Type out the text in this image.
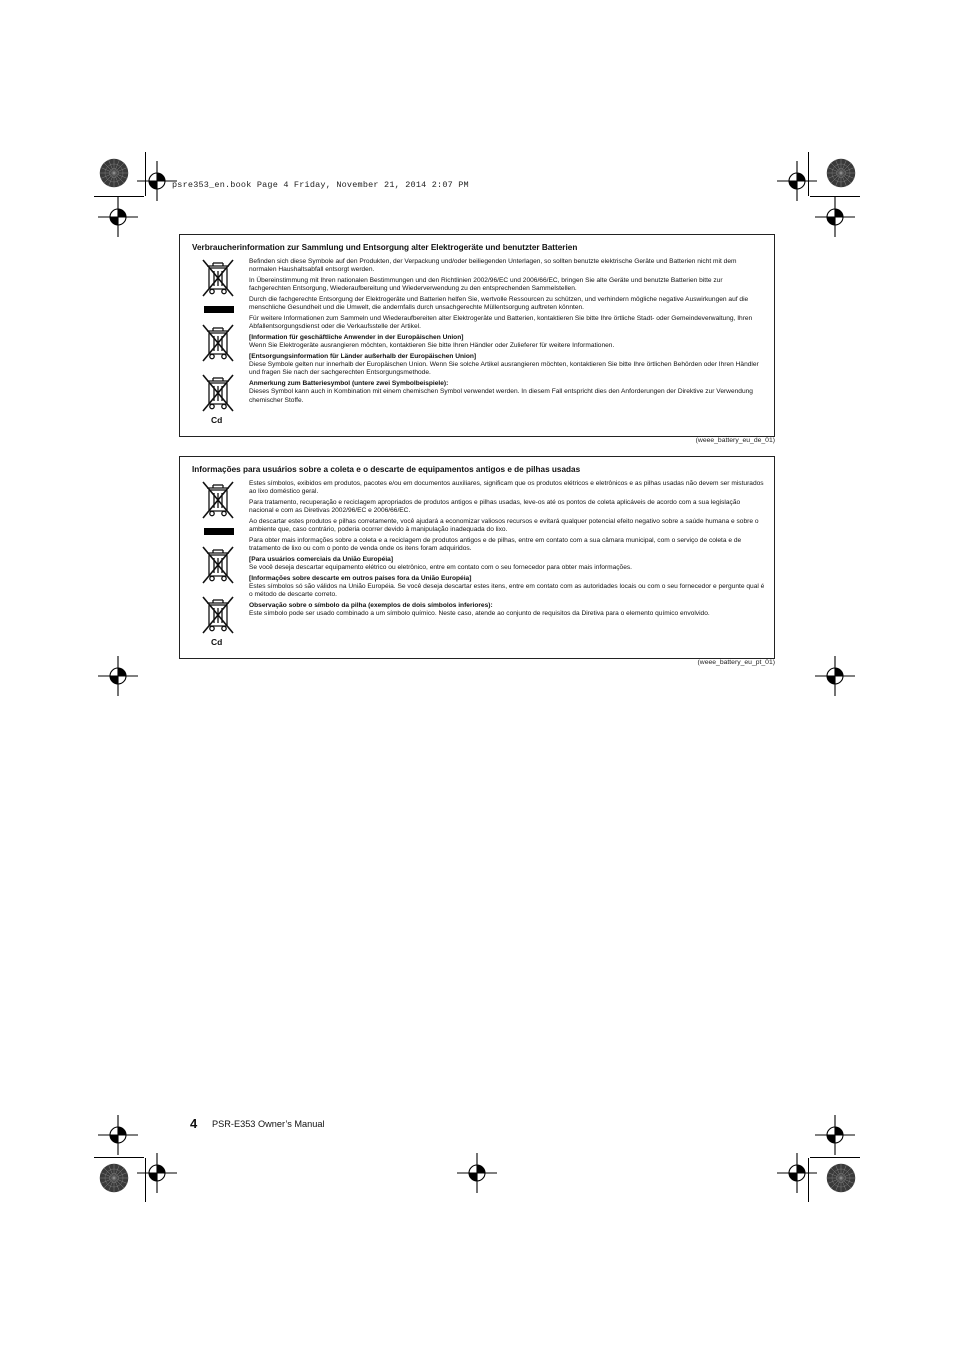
psre353_en.book Page 4 Friday, November 21, 2014 2:07 PM
Verbraucherinformation zur Sammlung und Entsorgung alter Elektrogeräte und benutzter Batterien
Cd

Befinden sich diese Symbole auf den Produkten, der Verpackung und/oder beiliegenden Unterlagen, so sollten benutzte elektrische Geräte und Batterien nicht mit dem normalen Haushaltsabfall entsorgt werden.

In Übereinstimmung mit Ihren nationalen Bestimmungen und den Richtlinien 2002/96/EC und 2006/66/EC, bringen Sie alte Geräte und benutzte Batterien bitte zur fachgerechten Entsorgung, Wiederaufbereitung und Wiederverwendung zu den entsprechenden Sammelstellen.

Durch die fachgerechte Entsorgung der Elektrogeräte und Batterien helfen Sie, wertvolle Ressourcen zu schützen, und verhindern mögliche negative Auswirkungen auf die menschliche Gesundheit und die Umwelt, die andernfalls durch unsachgerechte Müllentsorgung auftreten könnten.

Für weitere Informationen zum Sammeln und Wiederaufbereiten alter Elektrogeräte und Batterien, kontaktieren Sie bitte Ihre örtliche Stadt- oder Gemeindeverwaltung, Ihren Abfallentsorgungsdienst oder die Verkaufsstelle der Artikel.

[Information für geschäftliche Anwender in der Europäischen Union]

Wenn Sie Elektrogeräte ausrangieren möchten, kontaktieren Sie bitte Ihren Händler oder Zulieferer für weitere Informationen.

[Entsorgungsinformation für Länder außerhalb der Europäischen Union]

Diese Symbole gelten nur innerhalb der Europäischen Union. Wenn Sie solche Artikel ausrangieren möchten, kontaktieren Sie bitte Ihre örtlichen Behörden oder Ihren Händler und fragen Sie nach der sachgerechten Entsorgungsmethode.

Anmerkung zum Batteriesymbol (untere zwei Symbolbeispiele):

Dieses Symbol kann auch in Kombination mit einem chemischen Symbol verwendet werden. In diesem Fall entspricht dies den Anforderungen der Direktive zur Verwendung chemischer Stoffe.

(weee_battery_eu_de_01)
Informações para usuários sobre a coleta e o descarte de equipamentos antigos e de pilhas usadas
Cd

Estes símbolos, exibidos em produtos, pacotes e/ou em documentos auxiliares, significam que os produtos elétricos e eletrônicos e as pilhas usadas não devem ser misturados ao lixo doméstico geral.

Para tratamento, recuperação e reciclagem apropriados de produtos antigos e pilhas usadas, leve-os até os pontos de coleta aplicáveis de acordo com a sua legislação nacional e com as Diretivas 2002/96/EC e 2006/66/EC.

Ao descartar estes produtos e pilhas corretamente, você ajudará a economizar valiosos recursos e evitará qualquer potencial efeito negativo sobre a saúde humana e sobre o ambiente que, caso contrário, poderia ocorrer devido à manipulação inadequada do lixo.

Para obter mais informações sobre a coleta e a reciclagem de produtos antigos e de pilhas, entre em contato com a sua câmara municipal, com o serviço de coleta e de tratamento de lixo ou com o ponto de venda onde os itens foram adquiridos.

[Para usuários comerciais da União Européia]

Se você deseja descartar equipamento elétrico ou eletrônico, entre em contato com o seu fornecedor para obter mais informações.

[Informações sobre descarte em outros países fora da União Européia]

Estes símbolos só são válidos na União Européia. Se você deseja descartar estes itens, entre em contato com as autoridades locais ou com o seu fornecedor e pergunte qual é o método de descarte correto.

Observação sobre o símbolo da pilha (exemplos de dois símbolos inferiores):

Este símbolo pode ser usado combinado a um símbolo químico. Neste caso, atende ao conjunto de requisitos da Diretiva para o elemento químico envolvido.

(weee_battery_eu_pt_01)
4 PSR-E353 Owner’s Manual
